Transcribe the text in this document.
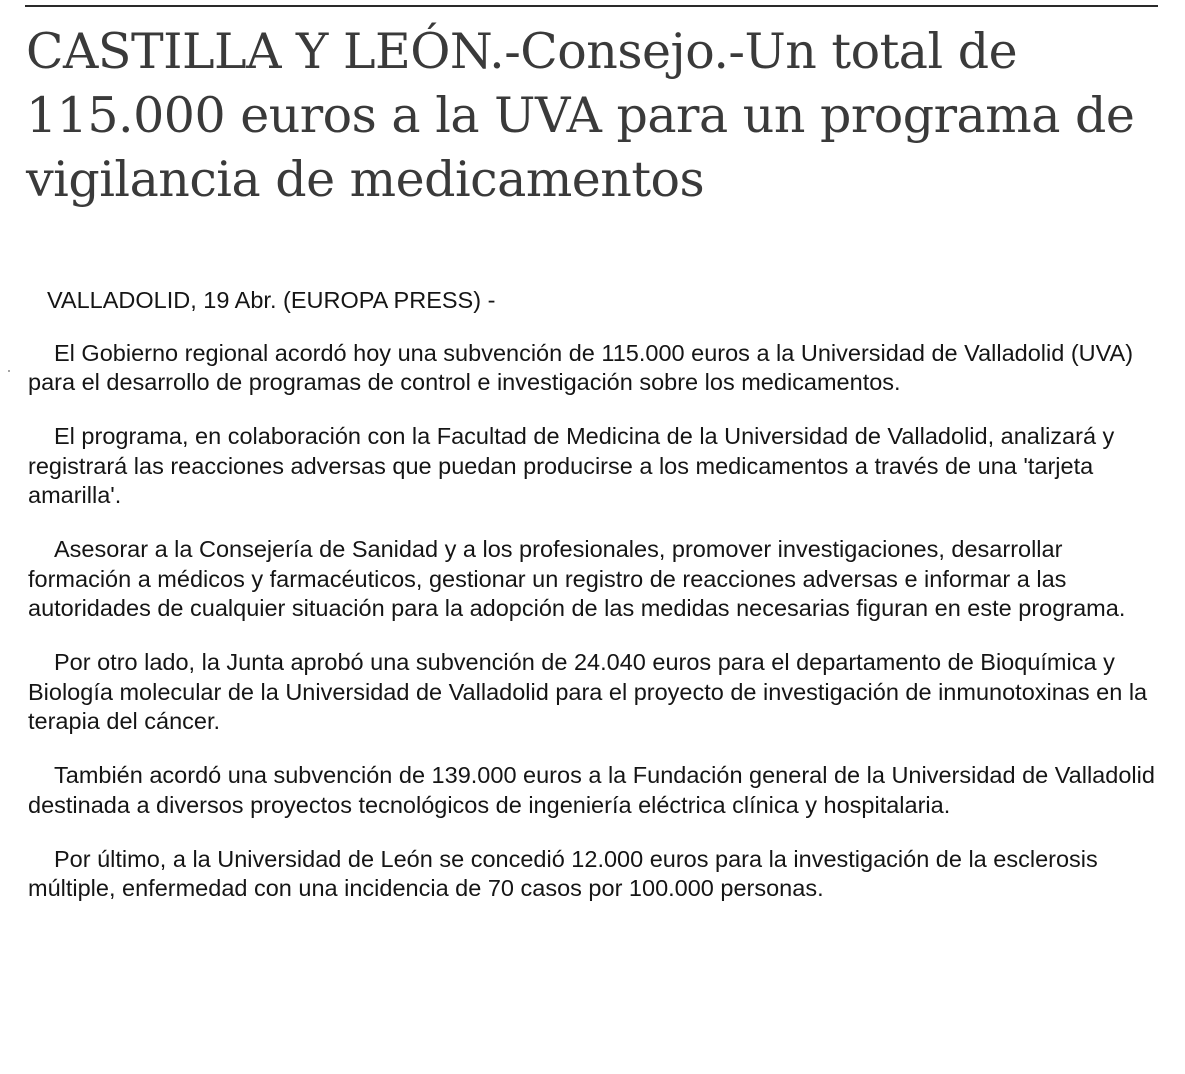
CASTILLA Y LEÓN.-Consejo.-Un total de 115.000 euros a la UVA para un programa de vigilancia de medicamentos

VALLADOLID, 19 Abr. (EUROPA PRESS) -

El Gobierno regional acordó hoy una subvención de 115.000 euros a la Universidad de Valladolid (UVA) para el desarrollo de programas de control e investigación sobre los medicamentos.

El programa, en colaboración con la Facultad de Medicina de la Universidad de Valladolid, analizará y registrará las reacciones adversas que puedan producirse a los medicamentos a través de una 'tarjeta amarilla'.

Asesorar a la Consejería de Sanidad y a los profesionales, promover investigaciones, desarrollar formación a médicos y farmacéuticos, gestionar un registro de reacciones adversas e informar a las autoridades de cualquier situación para la adopción de las medidas necesarias figuran en este programa.

Por otro lado, la Junta aprobó una subvención de 24.040 euros para el departamento de Bioquímica y Biología molecular de la Universidad de Valladolid para el proyecto de investigación de inmunotoxinas en la terapia del cáncer.

También acordó una subvención de 139.000 euros a la Fundación general de la Universidad de Valladolid destinada a diversos proyectos tecnológicos de ingeniería eléctrica clínica y hospitalaria.

Por último, a la Universidad de León se concedió 12.000 euros para la investigación de la esclerosis múltiple, enfermedad con una incidencia de 70 casos por 100.000 personas.
